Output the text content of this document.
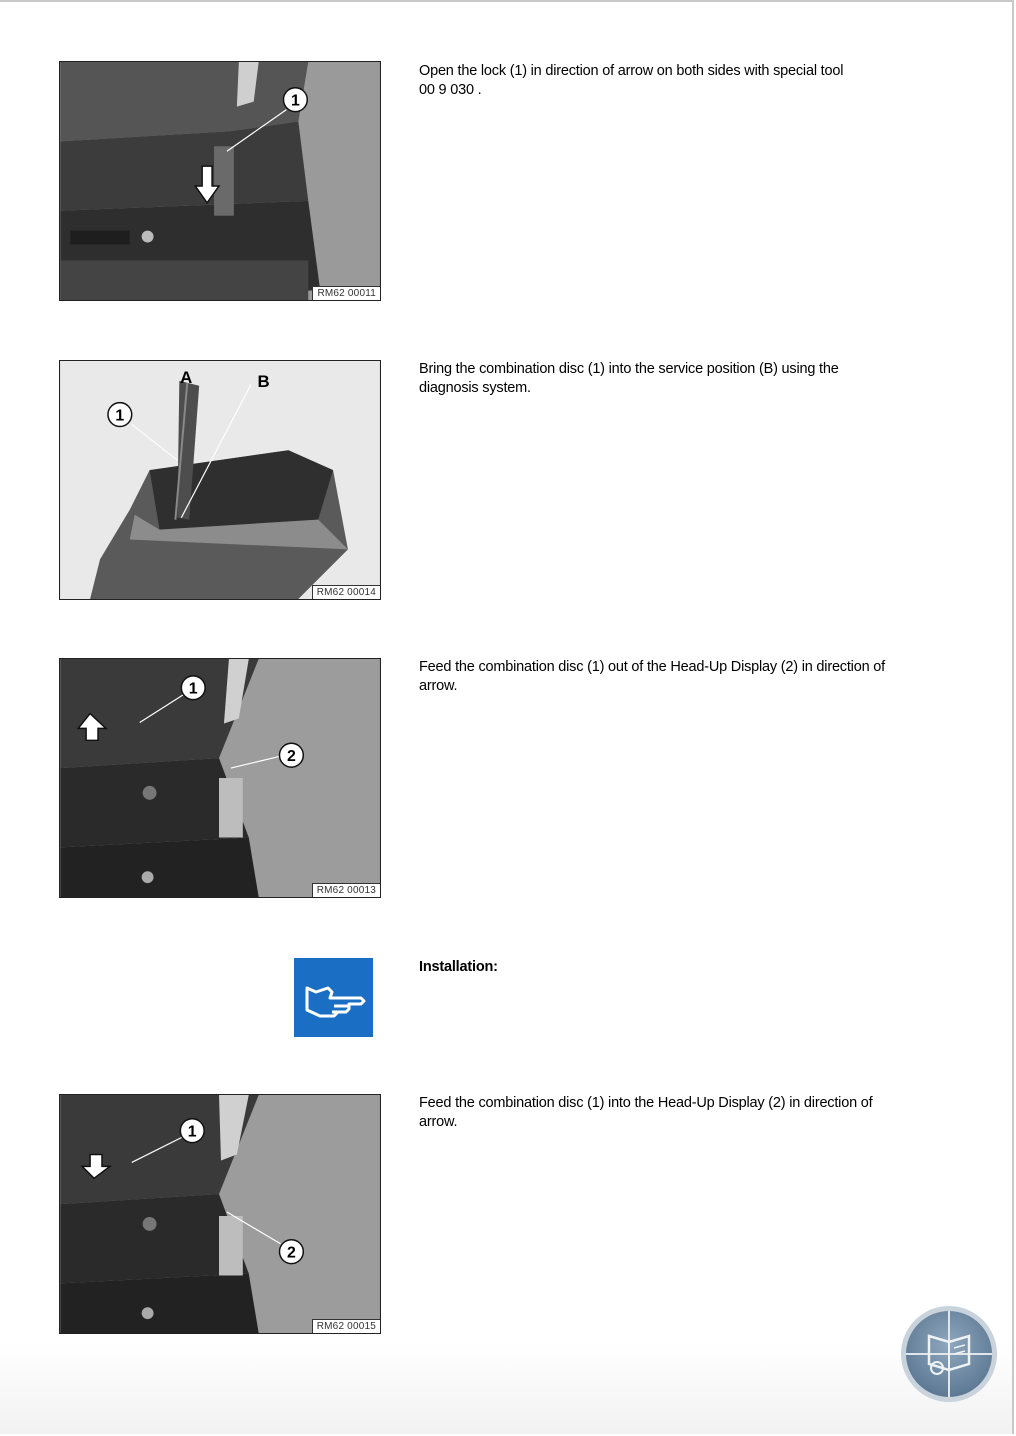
1
RM62 00011
Open the lock (1) in direction of arrow on both sides with special tool
00 9 030 .
1
A	B
RM62 00014
Bring the combination disc (1) into the service position (B) using the
diagnosis system.
1
2
RM62 00013
Feed the combination disc (1) out of the Head-Up Display (2) in direction of
arrow.
Installation:
1
2
RM62 00015
Feed the combination disc (1) into the Head-Up Display (2) in direction of
arrow.
